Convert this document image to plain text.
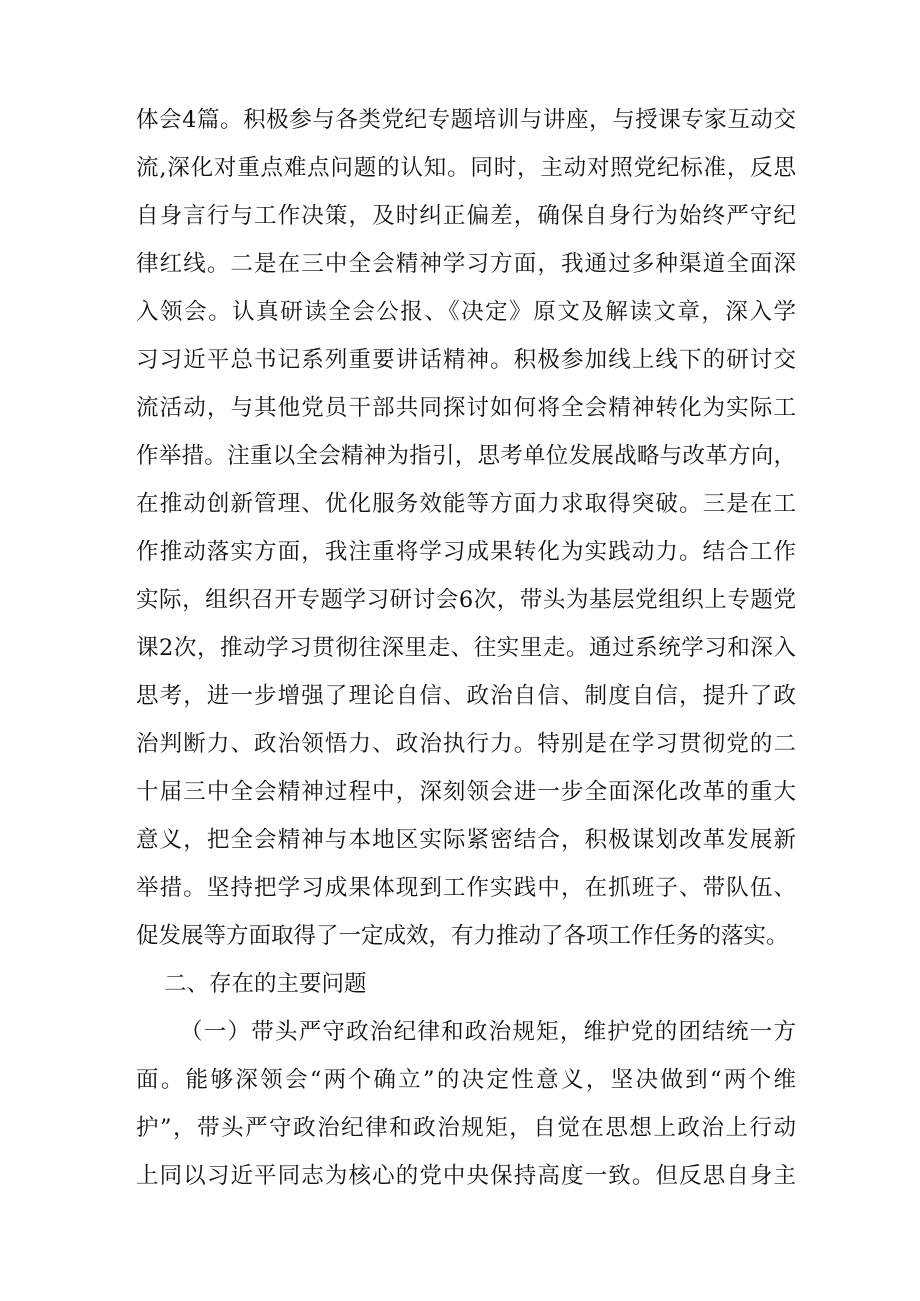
体会4篇。积极参与各类党纪专题培训与讲座，与授课专家互动交
流,深化对重点难点问题的认知。同时，主动对照党纪标准，反思
自身言行与工作决策，及时纠正偏差，确保自身行为始终严守纪
律红线。二是在三中全会精神学习方面，我通过多种渠道全面深
入领会。认真研读全会公报、《决定》原文及解读文章，深入学
习习近平总书记系列重要讲话精神。积极参加线上线下的研讨交
流活动，与其他党员干部共同探讨如何将全会精神转化为实际工
作举措。注重以全会精神为指引，思考单位发展战略与改革方向，
在推动创新管理、优化服务效能等方面力求取得突破。三是在工
作推动落实方面，我注重将学习成果转化为实践动力。结合工作
实际，组织召开专题学习研讨会6次，带头为基层党组织上专题党
课2次，推动学习贯彻往深里走、往实里走。通过系统学习和深入
思考，进一步增强了理论自信、政治自信、制度自信，提升了政
治判断力、政治领悟力、政治执行力。特别是在学习贯彻党的二
十届三中全会精神过程中，深刻领会进一步全面深化改革的重大
意义，把全会精神与本地区实际紧密结合，积极谋划改革发展新
举措。坚持把学习成果体现到工作实践中，在抓班子、带队伍、
促发展等方面取得了一定成效，有力推动了各项工作任务的落实。
二、存在的主要问题
（一）带头严守政治纪律和政治规矩，维护党的团结统一方
面。能够深领会“两个确立”的决定性意义，坚决做到“两个维
护”，带头严守政治纪律和政治规矩，自觉在思想上政治上行动
上同以习近平同志为核心的党中央保持高度一致。但反思自身主
